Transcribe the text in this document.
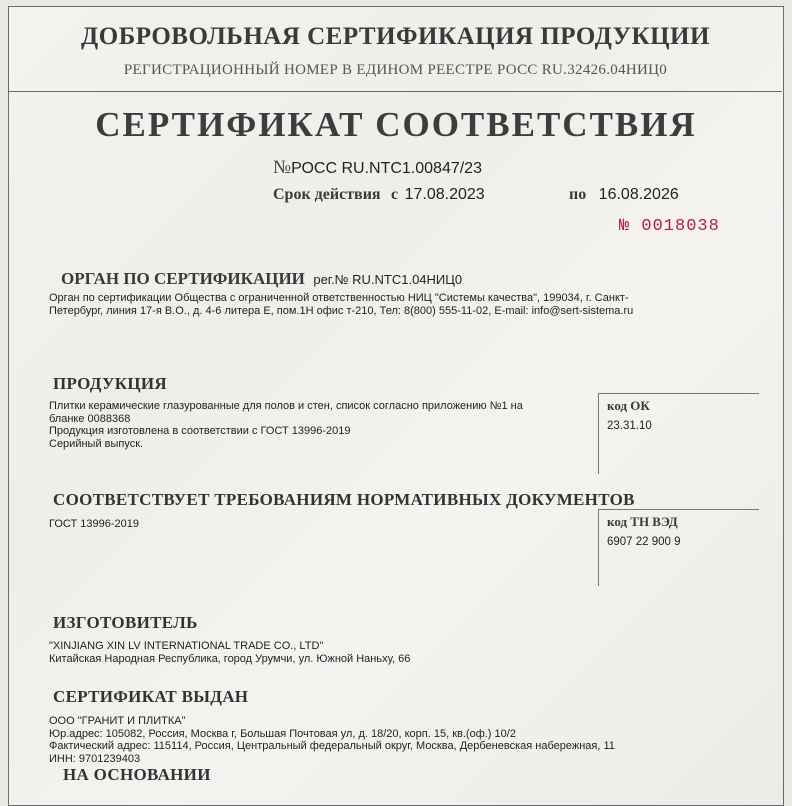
ДОБРОВОЛЬНАЯ СЕРТИФИКАЦИЯ ПРОДУКЦИИ
РЕГИСТРАЦИОННЫЙ НОМЕР В ЕДИНОМ РЕЕСТРЕ РОСС RU.32426.04НИЦ0
СЕРТИФИКАТ СООТВЕТСТВИЯ
№РОСС RU.NTC1.00847/23
Срок действия с 17.08.2023	по 16.08.2026
№ 0018038
ОРГАН ПО СЕРТИФИКАЦИИ рег.№ RU.NTC1.04НИЦ0
Орган по сертификации Общества с ограниченной ответственностью НИЦ "Системы качества", 199034, г. Санкт-
Петербург, линия 17-я В.О., д. 4-6 литера Е, пом.1Н офис т-210, Тел: 8(800) 555-11-02, E-mail: info@sert-sistema.ru
ПРОДУКЦИЯ
Плитки керамические глазурованные для полов и стен, список согласно приложению №1 на
бланке 0088368
Продукция изготовлена в соответствии с ГОСТ 13996-2019
Серийный выпуск.
код ОК
23.31.10
СООТВЕТСТВУЕТ ТРЕБОВАНИЯМ НОРМАТИВНЫХ ДОКУМЕНТОВ
ГОСТ 13996-2019	код ТН ВЭД
6907 22 900 9
ИЗГОТОВИТЕЛЬ
"XINJIANG XIN LV INTERNATIONAL TRADE CO., LTD"
Китайская Народная Республика, город Урумчи, ул. Южной Наньху, 66
СЕРТИФИКАТ ВЫДАН
ООО "ГРАНИТ И ПЛИТКА"
Юр.адрес: 105082, Россия, Москва г, Большая Почтовая ул, д. 18/20, корп. 15, кв.(оф.) 10/2
Фактический адрес: 115114, Россия, Центральный федеральный округ, Москва, Дербеневская набережная, 11
ИНН: 9701239403
НА ОСНОВАНИИ
